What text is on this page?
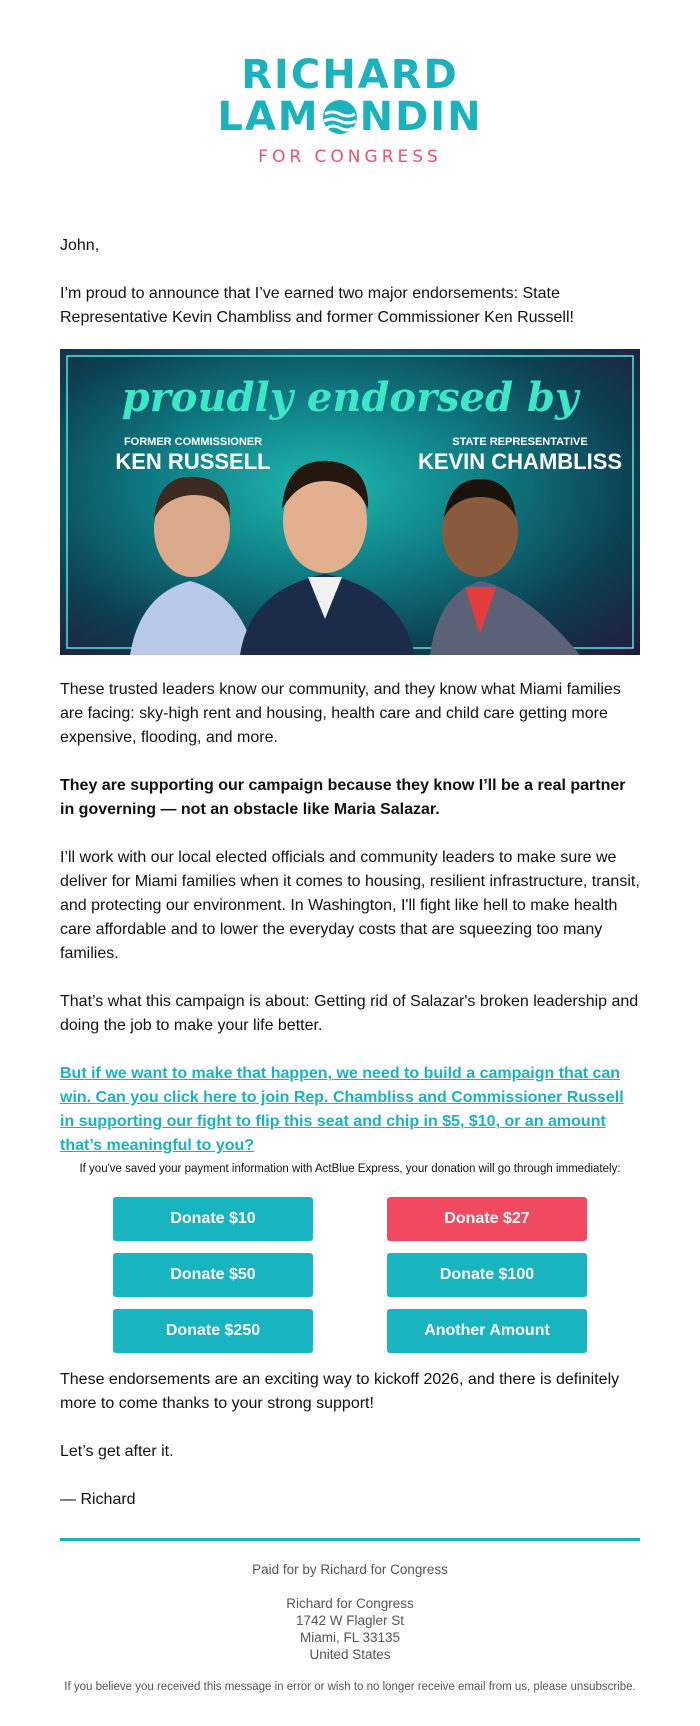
RICHARD
LAM NDIN
FOR CONGRESS

John,

I’m proud to announce that I’ve earned two major endorsements: State Representative Kevin Chambliss and former Commissioner Ken Russell!

proudly endorsed by
FORMER COMMISSIONER
KEN RUSSELL
STATE REPRESENTATIVE
KEVIN CHAMBLISS

These trusted leaders know our community, and they know what Miami families are facing: sky-high rent and housing, health care and child care getting more expensive, flooding, and more.

They are supporting our campaign because they know I’ll be a real partner in governing — not an obstacle like Maria Salazar.

I’ll work with our local elected officials and community leaders to make sure we deliver for Miami families when it comes to housing, resilient infrastructure, transit, and protecting our environment. In Washington, I'll fight like hell to make health care affordable and to lower the everyday costs that are squeezing too many families.

That’s what this campaign is about: Getting rid of Salazar's broken leadership and doing the job to make your life better.

But if we want to make that happen, we need to build a campaign that can win. Can you click here to join Rep. Chambliss and Commissioner Russell in supporting our fight to flip this seat and chip in $5, $10, or an amount that’s meaningful to you?

If you've saved your payment information with ActBlue Express, your donation will go through immediately:
Donate $10	Donate $27
Donate $50	Donate $100
Donate $250	Another Amount

These endorsements are an exciting way to kickoff 2026, and there is definitely more to come thanks to your strong support!

Let’s get after it.

— Richard

Paid for by Richard for Congress
Richard for Congress
1742 W Flagler St
Miami, FL 33135
United States
If you believe you received this message in error or wish to no longer receive email from us, please unsubscribe.
